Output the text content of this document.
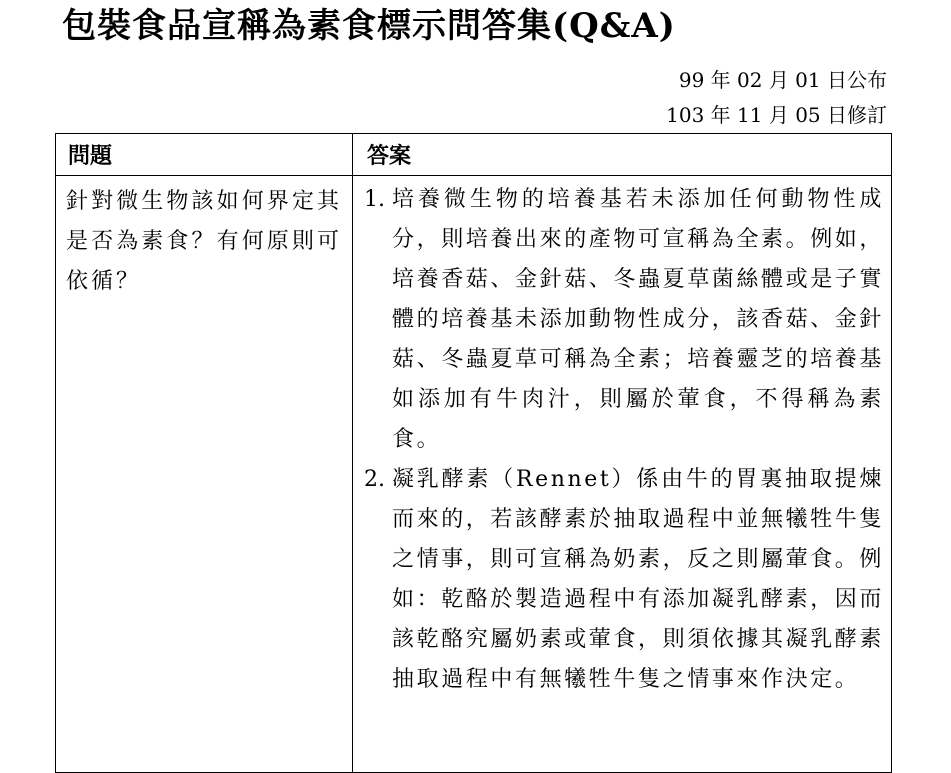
包裝食品宣稱為素食標示問答集(Q&A)
99 年 02 月 01 日公布
103 年 11 月 05 日修訂
問題	答案
針對微生物該如何界定其是否為素食？有何原則可依循？

1. 培養微生物的培養基若未添加任何動物性成分，則培養出來的產物可宣稱為全素。例如，培養香菇、金針菇、冬蟲夏草菌絲體或是子實體的培養基未添加動物性成分，該香菇、金針菇、冬蟲夏草可稱為全素；培養靈芝的培養基如添加有牛肉汁，則屬於葷食，不得稱為素食。

2. 凝乳酵素（Rennet）係由牛的胃裏抽取提煉而來的，若該酵素於抽取過程中並無犧牲牛隻之情事，則可宣稱為奶素，反之則屬葷食。例如：乾酪於製造過程中有添加凝乳酵素，因而該乾酪究屬奶素或葷食，則須依據其凝乳酵素抽取過程中有無犧牲牛隻之情事來作決定。
